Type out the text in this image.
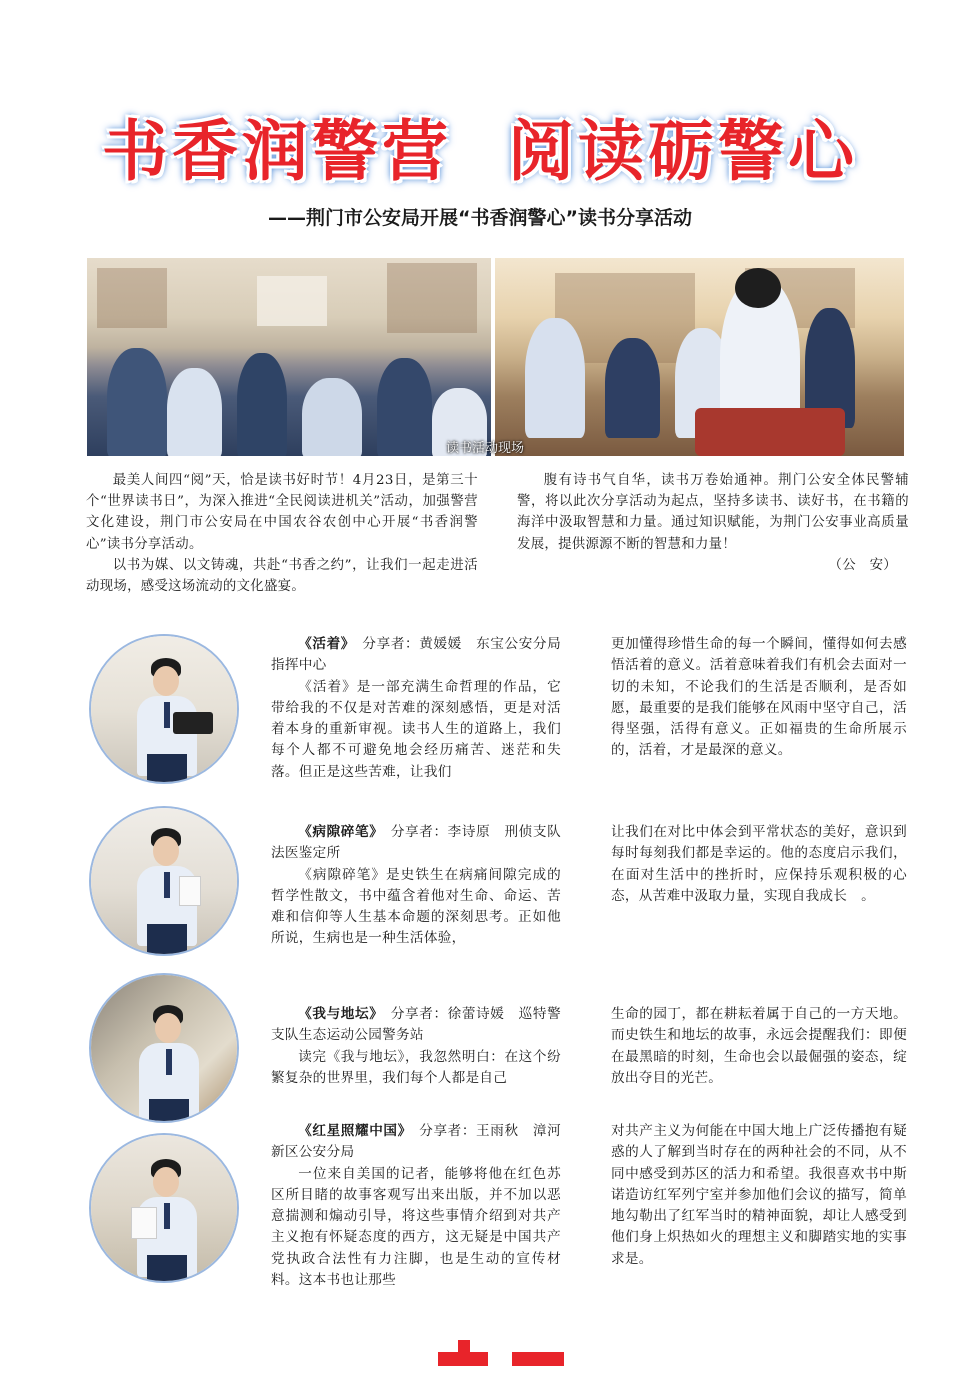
书香润警营 阅读砺警心
——荆门市公安局开展“书香润警心”读书分享活动
读书活动现场

最美人间四“阅”天，恰是读书好时节！4月23日，是第三十个“世界读书日”，为深入推进“全民阅读进机关”活动，加强警营文化建设，荆门市公安局在中国农谷农创中心开展“书香润警心”读书分享活动。

以书为媒、以文铸魂，共赴“书香之约”，让我们一起走进活动现场，感受这场流动的文化盛宴。

腹有诗书气自华，读书万卷始通神。荆门公安全体民警辅警，将以此次分享活动为起点，坚持多读书、读好书，在书籍的海洋中汲取智慧和力量。通过知识赋能，为荆门公安事业高质量发展，提供源源不断的智慧和力量！

（公　安）

《活着》　分享者：黄媛媛　东宝公安分局指挥中心

《活着》是一部充满生命哲理的作品，它带给我的不仅是对苦难的深刻感悟，更是对活着本身的重新审视。读书人生的道路上，我们每个人都不可避免地会经历痛苦、迷茫和失落。但正是这些苦难，让我们

更加懂得珍惜生命的每一个瞬间，懂得如何去感悟活着的意义。活着意味着我们有机会去面对一切的未知，不论我们的生活是否顺利，是否如愿，最重要的是我们能够在风雨中坚守自己，活得坚强，活得有意义。正如福贵的生命所展示的，活着，才是最深的意义。

《病隙碎笔》　分享者：李诗原　刑侦支队法医鉴定所

《病隙碎笔》是史铁生在病痛间隙完成的哲学性散文，书中蕴含着他对生命、命运、苦难和信仰等人生基本命题的深刻思考。正如他所说，生病也是一种生活体验，

让我们在对比中体会到平常状态的美好，意识到每时每刻我们都是幸运的。他的态度启示我们，在面对生活中的挫折时，应保持乐观积极的心态，从苦难中汲取力量，实现自我成长　。

《我与地坛》　分享者：徐蕾诗媛　巡特警支队生态运动公园警务站

读完《我与地坛》，我忽然明白：在这个纷繁复杂的世界里，我们每个人都是自己

生命的园丁，都在耕耘着属于自己的一方天地。而史铁生和地坛的故事，永远会提醒我们：即便在最黑暗的时刻，生命也会以最倔强的姿态，绽放出夺目的光芒。

《红星照耀中国》　分享者：王雨秋　漳河新区公安分局

一位来自美国的记者，能够将他在红色苏区所目睹的故事客观写出来出版，并不加以恶意揣测和煽动引导，将这些事情介绍到对共产主义抱有怀疑态度的西方，这无疑是中国共产党执政合法性有力注脚，也是生动的宣传材料。这本书也让那些

对共产主义为何能在中国大地上广泛传播抱有疑惑的人了解到当时存在的两种社会的不同，从不同中感受到苏区的活力和希望。我很喜欢书中斯诺造访红军列宁室并参加他们会议的描写，简单地勾勒出了红军当时的精神面貌，却让人感受到他们身上炽热如火的理想主义和脚踏实地的实事求是。
